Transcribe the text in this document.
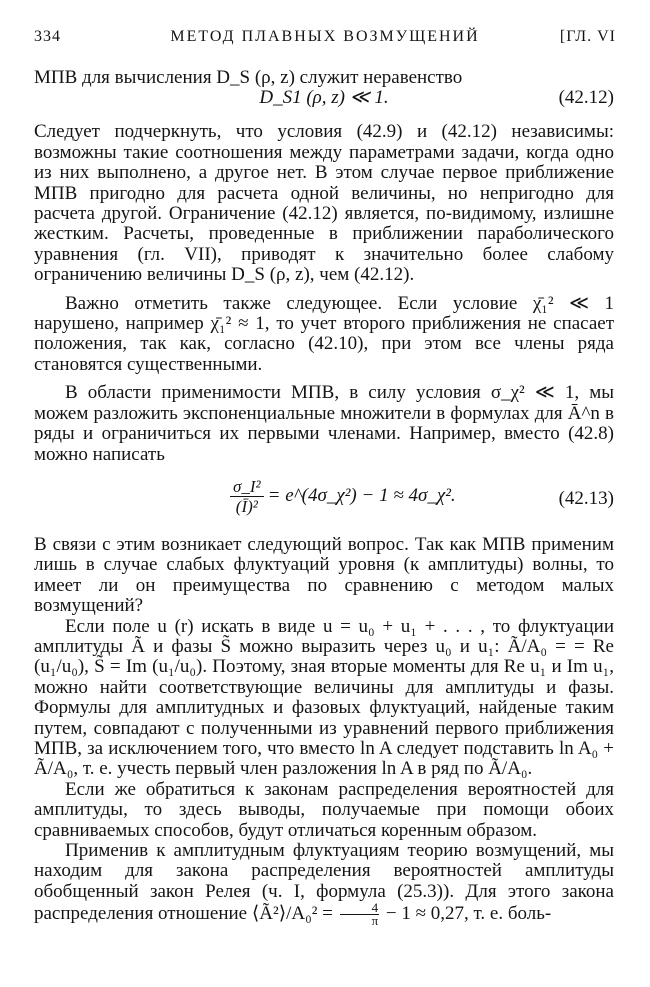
334	МЕТОД ПЛАВНЫХ ВОЗМУЩЕНИЙ	[ГЛ. VI

МПВ для вычисления D_S (ρ, z) служит неравенство

D_S1 (ρ, z) ≪ 1.	(42.12)

Следует подчеркнуть, что условия (42.9) и (42.12) независимы: возможны такие соотношения между параметрами задачи, когда одно из них выполнено, а другое нет. В этом случае первое приближение МПВ пригодно для расчета одной величины, но непригодно для расчета другой. Ограничение (42.12) является, по-видимому, излишне жестким. Расчеты, проведенные в приближении параболического уравнения (гл. VII), приводят к значительно более слабому ограничению величины D_S (ρ, z), чем (42.12).

Важно отметить также следующее. Если условие χ̄₁² ≪ 1 нарушено, например χ̄₁² ≈ 1, то учет второго приближения не спасает положения, так как, согласно (42.10), при этом все члены ряда становятся существенными.

В области применимости МПВ, в силу условия σ_χ² ≪ 1, мы можем разложить экспоненциальные множители в формулах для Ā^n в ряды и ограничиться их первыми членами. Например, вместо (42.8) можно написать

$\frac{\text{σ\_I²}}{\text{(Ī)²}}$ = e^(4σ_χ²) − 1 ≈ 4σ_χ².	(42.13)

В связи с этим возникает следующий вопрос. Так как МПВ применим лишь в случае слабых флуктуаций уровня (к амплитуды) волны, то имеет ли он преимущества по сравнению с методом малых возмущений?

Если поле u (r) искать в виде u = u₀ + u₁ + . . . , то флуктуации амплитуды Ã и фазы S̃ можно выразить через u₀ и u₁: Ã/A₀ = = Re (u₁/u₀), S̃ = Im (u₁/u₀). Поэтому, зная вторые моменты для Re u₁ и Im u₁, можно найти соответствующие величины для амплитуды и фазы. Формулы для амплитудных и фазовых флуктуаций, найденые таким путем, совпадают с полученными из уравнений первого приближения МПВ, за исключением того, что вместо ln A следует подставить ln A₀ + Ã/A₀, т. е. учесть первый член разложения ln A в ряд по Ã/A₀.

Если же обратиться к законам распределения вероятностей для амплитуды, то здесь выводы, получаемые при помощи обоих сравниваемых способов, будут отличаться коренным образом.

Применив к амплитудным флуктуациям теорию возмущений, мы находим для закона распределения вероятностей амплитуды обобщенный закон Релея (ч. I, формула (25.3)). Для этого закона распределения отношение ⟨Ã²⟩/A₀² = $\frac{4}{\pi} - 1 \approx 0,27$, т. е. боль-
